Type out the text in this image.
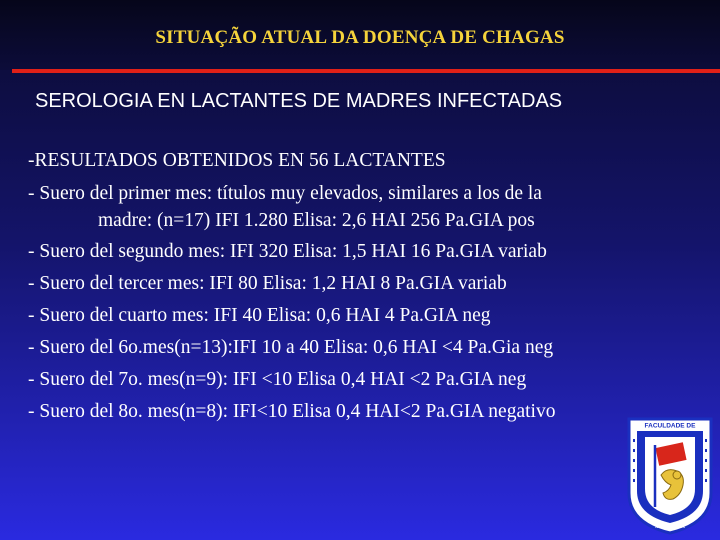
SITUAÇÃO ATUAL DA DOENÇA DE CHAGAS
SEROLOGIA EN LACTANTES DE MADRES INFECTADAS
-RESULTADOS OBTENIDOS EN 56 LACTANTES
- Suero del primer mes: títulos muy elevados, similares a los de la
madre: (n=17) IFI 1.280 Elisa: 2,6 HAI 256 Pa.GIA pos
- Suero del segundo mes: IFI 320 Elisa: 1,5 HAI 16 Pa.GIA variab
- Suero del tercer mes: IFI 80 Elisa: 1,2 HAI 8 Pa.GIA variab
- Suero del cuarto mes: IFI 40 Elisa: 0,6 HAI 4 Pa.GIA neg
- Suero del 6o.mes(n=13):IFI 10 a 40 Elisa: 0,6 HAI <4 Pa.Gia neg
- Suero del 7o. mes(n=9): IFI <10 Elisa 0,4 HAI <2 Pa.GIA neg
- Suero del 8o. mes(n=8): IFI<10 Elisa 0,4 HAI<2 Pa.GIA negativo
FACULDADE DE
MEDICINA
